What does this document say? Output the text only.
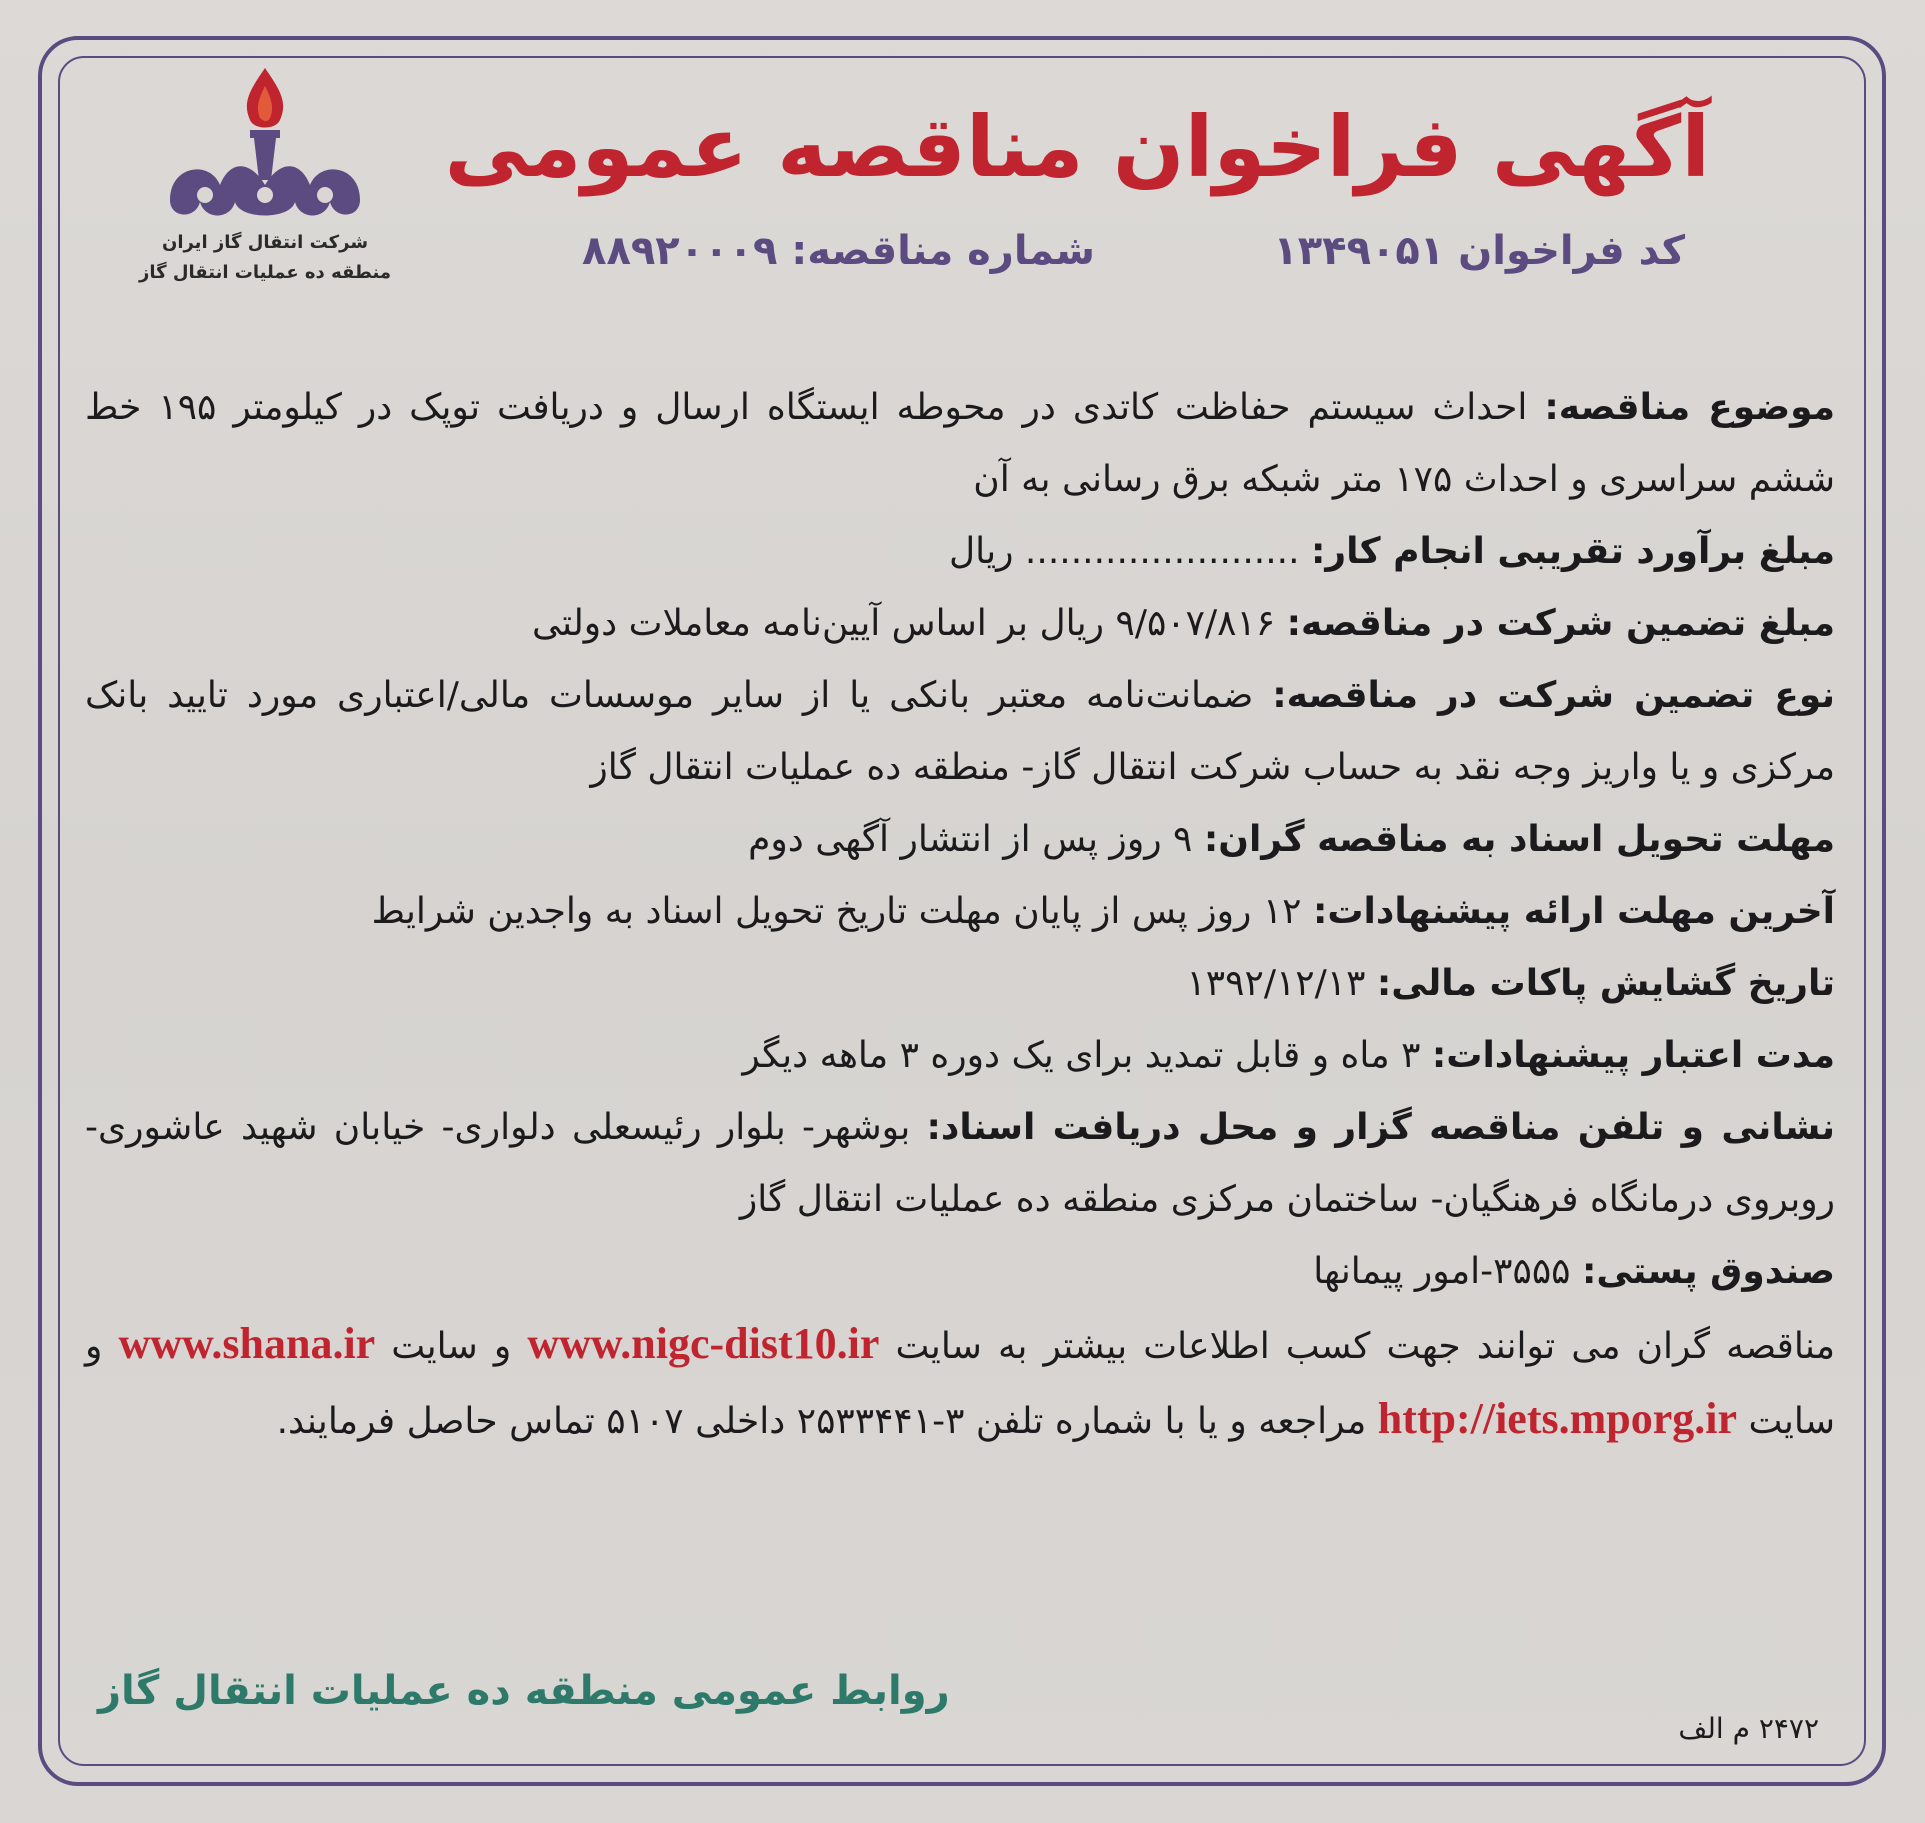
شرکت انتقال گاز ایران
منطقه ده عملیات انتقال گاز
آگهی فراخوان مناقصه عمومی
کد فراخوان ۱۳۴۹۰۵۱
شماره مناقصه: ۸۸۹۲۰۰۰۹

موضوع مناقصه: احداث سیستم حفاظت کاتدی در محوطه ایستگاه ارسال و دریافت توپک در کیلومتر ۱۹۵ خط ششم سراسری و احداث ۱۷۵ متر شبکه برق رسانی به آن

مبلغ برآورد تقریبی انجام کار: ........................ ریال

مبلغ تضمین شرکت در مناقصه: ۹/۵۰۷/۸۱۶ ریال بر اساس آیین‌نامه معاملات دولتی

نوع تضمین شرکت در مناقصه: ضمانت‌نامه معتبر بانکی یا از سایر موسسات مالی/اعتباری مورد تایید بانک مرکزی و یا واریز وجه نقد به حساب شرکت انتقال گاز- منطقه ده عملیات انتقال گاز

مهلت تحویل اسناد به مناقصه گران: ۹ روز پس از انتشار آگهی دوم

آخرین مهلت ارائه پیشنهادات: ۱۲ روز پس از پایان مهلت تاریخ تحویل اسناد به واجدین شرایط

تاریخ گشایش پاکات مالی: ۱۳۹۲/۱۲/۱۳

مدت اعتبار پیشنهادات: ۳ ماه و قابل تمدید برای یک دوره ۳ ماهه دیگر

نشانی و تلفن مناقصه گزار و محل دریافت اسناد: بوشهر- بلوار رئیسعلی دلواری- خیابان شهید عاشوری- روبروی درمانگاه فرهنگیان- ساختمان مرکزی منطقه ده عملیات انتقال گاز

صندوق پستی: ۳۵۵۵-امور پیمانها

مناقصه گران می توانند جهت کسب اطلاعات بیشتر به سایت www.nigc-dist10.ir و سایت www.shana.ir و سایت http://iets.mporg.ir مراجعه و یا با شماره تلفن ۳-۲۵۳۳۴۴۱ داخلی ۵۱۰۷ تماس حاصل فرمایند.

روابط عمومی منطقه ده عملیات انتقال گاز
۲۴۷۲ م الف
